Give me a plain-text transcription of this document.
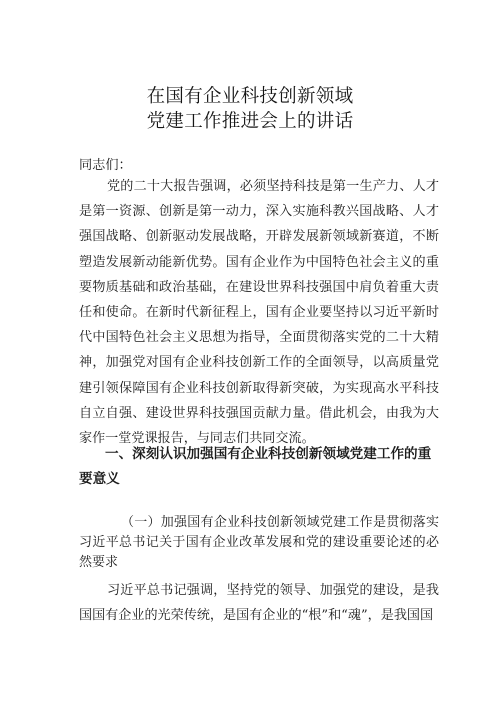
在国有企业科技创新领域
党建工作推进会上的讲话
同志们：

党的二十大报告强调，必须坚持科技是第一生产力、人才是第一资源、创新是第一动力，深入实施科教兴国战略、人才强国战略、创新驱动发展战略，开辟发展新领域新赛道，不断塑造发展新动能新优势。国有企业作为中国特色社会主义的重要物质基础和政治基础，在建设世界科技强国中肩负着重大责任和使命。在新时代新征程上，国有企业要坚持以习近平新时代中国特色社会主义思想为指导，全面贯彻落实党的二十大精神，加强党对国有企业科技创新工作的全面领导，以高质量党建引领保障国有企业科技创新取得新突破，为实现高水平科技自立自强、建设世界科技强国贡献力量。借此机会，由我为大家作一堂党课报告，与同志们共同交流。

一、深刻认识加强国有企业科技创新领域党建工作的重要意义

（一）加强国有企业科技创新领域党建工作是贯彻落实习近平总书记关于国有企业改革发展和党的建设重要论述的必然要求

习近平总书记强调，坚持党的领导、加强党的建设，是我国国有企业的光荣传统，是国有企业的“根”和“魂”，是我国国
